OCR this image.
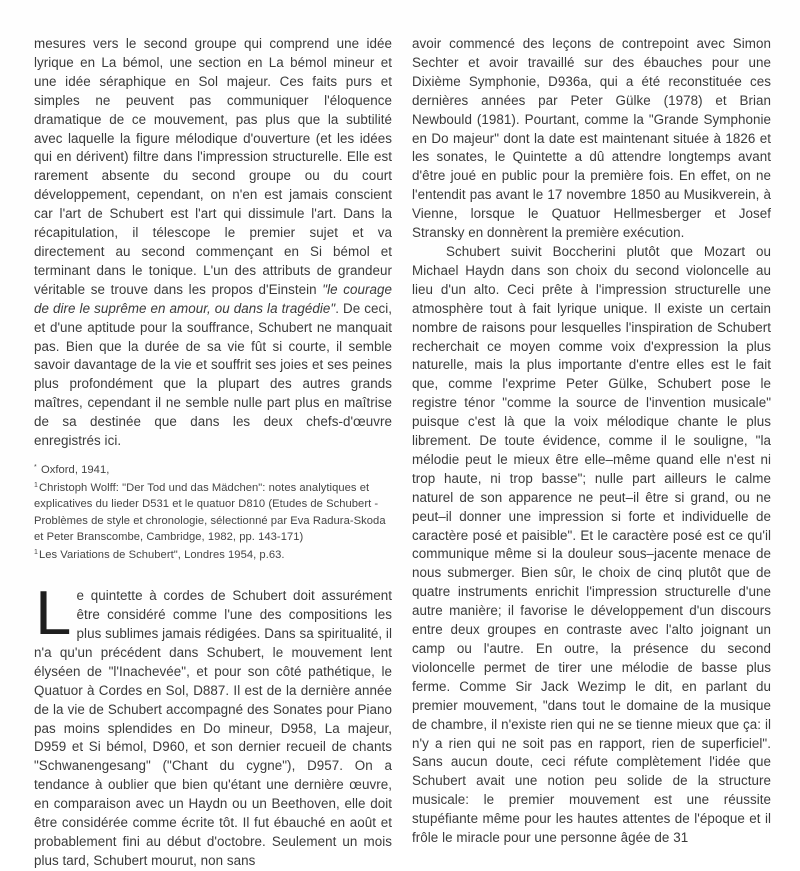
mesures vers le second groupe qui comprend une idée lyrique en La bémol, une section en La bémol mineur et une idée séraphique en Sol majeur. Ces faits purs et simples ne peuvent pas communiquer l'éloquence dramatique de ce mouvement, pas plus que la subtilité avec laquelle la figure mélodique d'ouverture (et les idées qui en dérivent) filtre dans l'impression structurelle. Elle est rarement absente du second groupe ou du court développement, cependant, on n'en est jamais conscient car l'art de Schubert est l'art qui dissimule l'art. Dans la récapitulation, il télescope le premier sujet et va directement au second commençant en Si bémol et terminant dans le tonique. L'un des attributs de grandeur véritable se trouve dans les propos d'Einstein "le courage de dire le suprême en amour, ou dans la tragédie". De ceci, et d'une aptitude pour la souffrance, Schubert ne manquait pas. Bien que la durée de sa vie fût si courte, il semble savoir davantage de la vie et souffrit ses joies et ses peines plus profondément que la plupart des autres grands maîtres, cependant il ne semble nulle part plus en maîtrise de sa destinée que dans les deux chefs-d'œuvre enregistrés ici.

* Oxford, 1941,
$^1$Christoph Wolff: "Der Tod und das Mädchen": notes analytiques et explicatives du lieder D531 et le quatuor D810 (Etudes de Schubert - Problèmes de style et chronologie, sélectionné par Eva Radura-Skoda et Peter Branscombe, Cambridge, 1982, pp. 143-171)
$^1$Les Variations de Schubert", Londres 1954, p.63.
L e quintette à cordes de Schubert doit assurément être considéré comme l'une des compositions les plus sublimes jamais rédigées. Dans sa spiritualité, il n'a qu'un précédent dans Schubert, le mouvement lent élyséen de "l'Inachevée", et pour son côté pathétique, le Quatuor à Cordes en Sol, D887. Il est de la dernière année de la vie de Schubert accompagné des Sonates pour Piano pas moins splendides en Do mineur, D958, La majeur, D959 et Si bémol, D960, et son dernier recueil de chants "Schwanengesang" ("Chant du cygne"), D957. On a tendance à oublier que bien qu'étant une dernière œuvre, en comparaison avec un Haydn ou un Beethoven, elle doit être considérée comme écrite tôt. Il fut ébauché en août et probablement fini au début d'octobre. Seulement un mois plus tard, Schubert mourut, non sans

avoir commencé des leçons de contrepoint avec Simon Sechter et avoir travaillé sur des ébauches pour une Dixième Symphonie, D936a, qui a été reconstituée ces dernières années par Peter Gülke (1978) et Brian Newbould (1981). Pourtant, comme la "Grande Symphonie en Do majeur" dont la date est maintenant située à 1826 et les sonates, le Quintette a dû attendre longtemps avant d'être joué en public pour la première fois. En effet, on ne l'entendit pas avant le 17 novembre 1850 au Musikverein, à Vienne, lorsque le Quatuor Hellmesberger et Josef Stransky en donnèrent la première exécution.

Schubert suivit Boccherini plutôt que Mozart ou Michael Haydn dans son choix du second violoncelle au lieu d'un alto. Ceci prête à l'impression structurelle une atmosphère tout à fait lyrique unique. Il existe un certain nombre de raisons pour lesquelles l'inspiration de Schubert recherchait ce moyen comme voix d'expression la plus naturelle, mais la plus importante d'entre elles est le fait que, comme l'exprime Peter Gülke, Schubert pose le registre ténor "comme la source de l'invention musicale" puisque c'est là que la voix mélodique chante le plus librement. De toute évidence, comme il le souligne, "la mélodie peut le mieux être elle–même quand elle n'est ni trop haute, ni trop basse"; nulle part ailleurs le calme naturel de son apparence ne peut–il être si grand, ou ne peut–il donner une impression si forte et individuelle de caractère posé et paisible". Et le caractère posé est ce qu'il communique même si la douleur sous–jacente menace de nous submerger. Bien sûr, le choix de cinq plutôt que de quatre instruments enrichit l'impression structurelle d'une autre manière; il favorise le développement d'un discours entre deux groupes en contraste avec l'alto joignant un camp ou l'autre. En outre, la présence du second violoncelle permet de tirer une mélodie de basse plus ferme. Comme Sir Jack Wezimp le dit, en parlant du premier mouvement, "dans tout le domaine de la musique de chambre, il n'existe rien qui ne se tienne mieux que ça: il n'y a rien qui ne soit pas en rapport, rien de superficiel". Sans aucun doute, ceci réfute complètement l'idée que Schubert avait une notion peu solide de la structure musicale: le premier mouvement est une réussite stupéfiante même pour les hautes attentes de l'époque et il frôle le miracle pour une personne âgée de 31
